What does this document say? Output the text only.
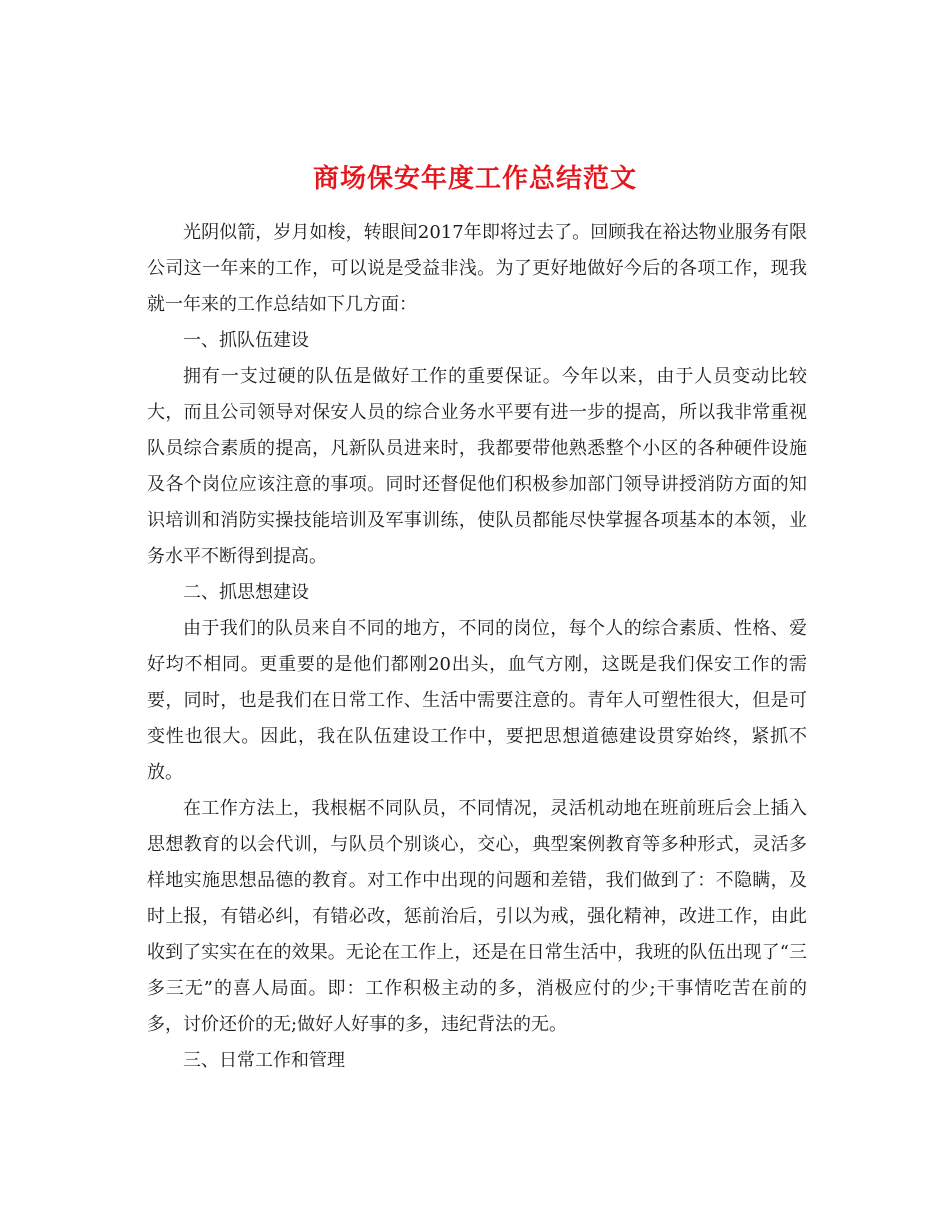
商场保安年度工作总结范文

光阴似箭，岁月如梭，转眼间2017年即将过去了。回顾我在裕达物业服务有限公司这一年来的工作，可以说是受益非浅。为了更好地做好今后的各项工作，现我就一年来的工作总结如下几方面：

一、抓队伍建设

拥有一支过硬的队伍是做好工作的重要保证。今年以来，由于人员变动比较大，而且公司领导对保安人员的综合业务水平要有进一步的提高，所以我非常重视队员综合素质的提高，凡新队员进来时，我都要带他熟悉整个小区的各种硬件设施及各个岗位应该注意的事项。同时还督促他们积极参加部门领导讲授消防方面的知识培训和消防实操技能培训及军事训练，使队员都能尽快掌握各项基本的本领，业务水平不断得到提高。

二、抓思想建设

由于我们的队员来自不同的地方，不同的岗位，每个人的综合素质、性格、爱好均不相同。更重要的是他们都刚20出头，血气方刚，这既是我们保安工作的需要，同时，也是我们在日常工作、生活中需要注意的。青年人可塑性很大，但是可变性也很大。因此，我在队伍建设工作中，要把思想道德建设贯穿始终，紧抓不放。

在工作方法上，我根椐不同队员，不同情况，灵活机动地在班前班后会上插入思想教育的以会代训，与队员个别谈心，交心，典型案例教育等多种形式，灵活多样地实施思想品德的教育。对工作中出现的问题和差错，我们做到了：不隐瞒，及时上报，有错必纠，有错必改，惩前治后，引以为戒，强化精神，改进工作，由此收到了实实在在的效果。无论在工作上，还是在日常生活中，我班的队伍出现了“三多三无”的喜人局面。即：工作积极主动的多，消极应付的少;干事情吃苦在前的多，讨价还价的无;做好人好事的多，违纪背法的无。

三、日常工作和管理
